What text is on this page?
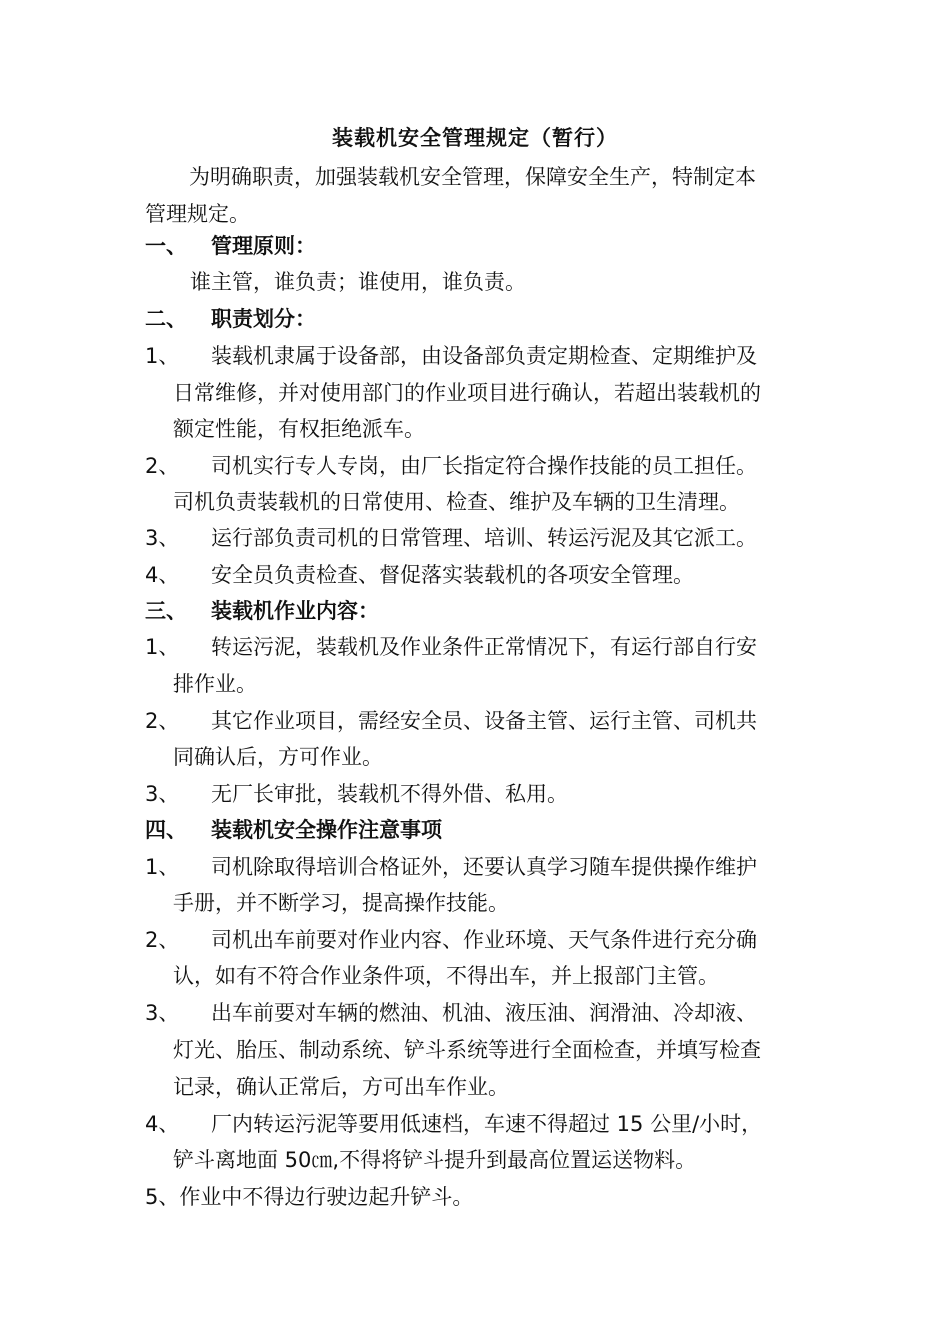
装载机安全管理规定（暂行）
为明确职责，加强装载机安全管理，保障安全生产，特制定本
管理规定。
一、 管理原则：
谁主管，谁负责；谁使用，谁负责。
二、 职责划分：
1、 装载机隶属于设备部，由设备部负责定期检查、定期维护及
日常维修，并对使用部门的作业项目进行确认，若超出装载机的
额定性能，有权拒绝派车。
2、 司机实行专人专岗，由厂长指定符合操作技能的员工担任。
司机负责装载机的日常使用、检查、维护及车辆的卫生清理。
3、 运行部负责司机的日常管理、培训、转运污泥及其它派工。
4、 安全员负责检查、督促落实装载机的各项安全管理。
三、 装载机作业内容：
1、 转运污泥，装载机及作业条件正常情况下，有运行部自行安
排作业。
2、 其它作业项目，需经安全员、设备主管、运行主管、司机共
同确认后，方可作业。
3、 无厂长审批，装载机不得外借、私用。
四、 装载机安全操作注意事项
1、 司机除取得培训合格证外，还要认真学习随车提供操作维护
手册，并不断学习，提高操作技能。
2、 司机出车前要对作业内容、作业环境、天气条件进行充分确
认，如有不符合作业条件项，不得出车，并上报部门主管。
3、 出车前要对车辆的燃油、机油、液压油、润滑油、冷却液、
灯光、胎压、制动系统、铲斗系统等进行全面检查，并填写检查
记录，确认正常后，方可出车作业。
4、 厂内转运污泥等要用低速档，车速不得超过 15 公里/小时，
铲斗离地面 50㎝,不得将铲斗提升到最高位置运送物料。
5、作业中不得边行驶边起升铲斗。
